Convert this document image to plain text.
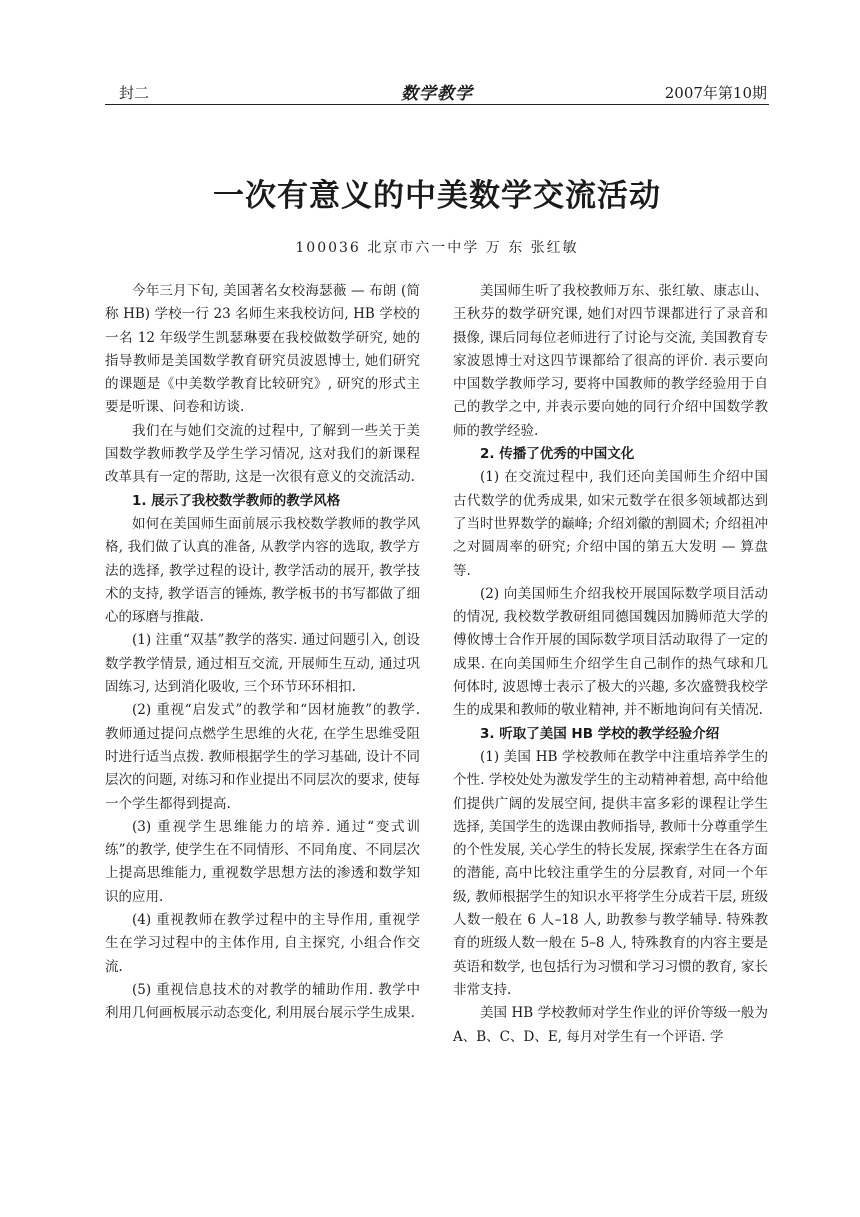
封二	数学教学	2007年第10期
一次有意义的中美数学交流活动
100036 北京市六一中学 万 东 张红敏

今年三月下旬, 美国著名女校海瑟薇 — 布朗 (简称 HB) 学校一行 23 名师生来我校访问, HB 学校的一名 12 年级学生凯瑟琳要在我校做数学研究, 她的指导教师是美国数学教育研究员波恩博士, 她们研究的课题是《中美数学教育比较研究》, 研究的形式主要是听课、问卷和访谈.

我们在与她们交流的过程中, 了解到一些关于美国数学教师教学及学生学习情况, 这对我们的新课程改革具有一定的帮助, 这是一次很有意义的交流活动.

1. 展示了我校数学教师的教学风格

如何在美国师生面前展示我校数学教师的教学风格, 我们做了认真的准备, 从教学内容的选取, 教学方法的选择, 教学过程的设计, 教学活动的展开, 教学技术的支持, 教学语言的锤炼, 教学板书的书写都做了细心的琢磨与推敲.

(1) 注重“双基”教学的落实. 通过问题引入, 创设数学教学情景, 通过相互交流, 开展师生互动, 通过巩固练习, 达到消化吸收, 三个环节环环相扣.

(2) 重视“启发式”的教学和“因材施教”的教学. 教师通过提问点燃学生思维的火花, 在学生思维受阻时进行适当点拨. 教师根据学生的学习基础, 设计不同层次的问题, 对练习和作业提出不同层次的要求, 使每一个学生都得到提高.

(3) 重视学生思维能力的培养. 通过“变式训练”的教学, 使学生在不同情形、不同角度、不同层次上提高思维能力, 重视数学思想方法的渗透和数学知识的应用.

(4) 重视教师在教学过程中的主导作用, 重视学生在学习过程中的主体作用, 自主探究, 小组合作交流.

(5) 重视信息技术的对教学的辅助作用. 教学中利用几何画板展示动态变化, 利用展台展示学生成果.

美国师生听了我校教师万东、张红敏、康志山、王秋芬的数学研究课, 她们对四节课都进行了录音和摄像, 课后同每位老师进行了讨论与交流, 美国教育专家波恩博士对这四节课都给了很高的评价. 表示要向中国数学教师学习, 要将中国教师的教学经验用于自己的教学之中, 并表示要向她的同行介绍中国数学教师的教学经验.

2. 传播了优秀的中国文化

(1) 在交流过程中, 我们还向美国师生介绍中国古代数学的优秀成果, 如宋元数学在很多领域都达到了当时世界数学的巅峰; 介绍刘徽的割圆术; 介绍祖冲之对圆周率的研究; 介绍中国的第五大发明 — 算盘等.

(2) 向美国师生介绍我校开展国际数学项目活动的情况, 我校数学教研组同德国魏因加腾师范大学的傅攸博士合作开展的国际数学项目活动取得了一定的成果. 在向美国师生介绍学生自己制作的热气球和几何体时, 波恩博士表示了极大的兴趣, 多次盛赞我校学生的成果和教师的敬业精神, 并不断地询问有关情况.

3. 听取了美国 HB 学校的教学经验介绍

(1) 美国 HB 学校教师在教学中注重培养学生的个性. 学校处处为激发学生的主动精神着想, 高中给他们提供广阔的发展空间, 提供丰富多彩的课程让学生选择, 美国学生的选课由教师指导, 教师十分尊重学生的个性发展, 关心学生的特长发展, 探索学生在各方面的潜能, 高中比较注重学生的分层教育, 对同一个年级, 教师根据学生的知识水平将学生分成若干层, 班级人数一般在 6 人–18 人, 助教参与教学辅导. 特殊教育的班级人数一般在 5–8 人, 特殊教育的内容主要是英语和数学, 也包括行为习惯和学习习惯的教育, 家长非常支持.

美国 HB 学校教师对学生作业的评价等级一般为 A、B、C、D、E, 每月对学生有一个评语. 学
